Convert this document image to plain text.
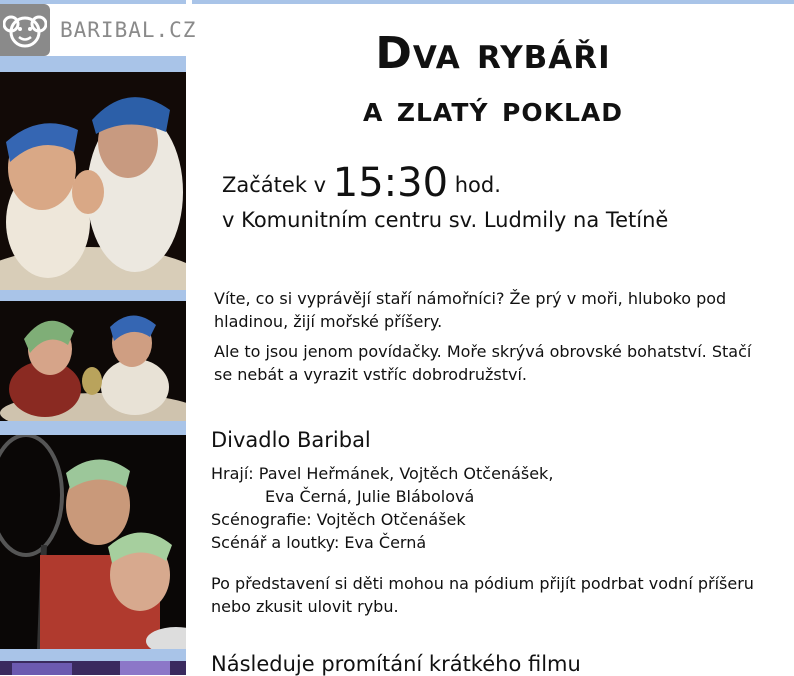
BARIBAL.CZ	Dva rybáři
a zlatý poklad
Začátek v 15:30 hod.
v Komunitním centru sv. Ludmily na Tetíně
Víte, co si vyprávějí staří námořníci? Že prý v moři, hluboko pod hladinou, žijí mořské příšery.
Ale to jsou jenom povídačky. Moře skrývá obrovské bohatství. Stačí se nebát a vyrazit vstříc dobrodružství.
Divadlo Baribal
Hrají: Pavel Heřmánek, Vojtěch Otčenášek,
Eva Černá, Julie Blábolová
Scénografie: Vojtěch Otčenášek
Scénář a loutky: Eva Černá
Po představení si děti mohou na pódium přijít podrbat vodní příšeru nebo zkusit ulovit rybu.
Následuje promítání krátkého filmu
